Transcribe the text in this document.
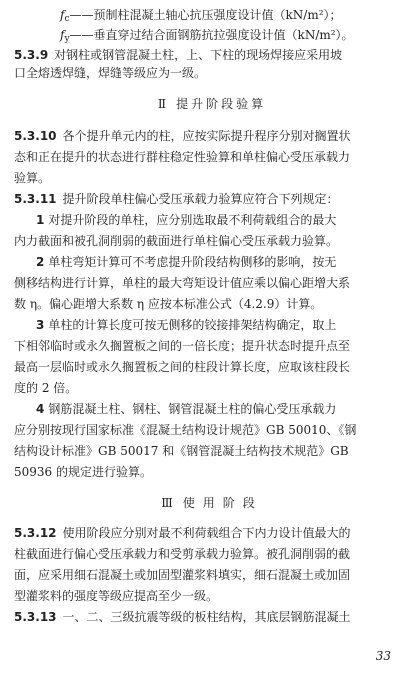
$f_c——$预制柱混凝土轴心抗压强度设计值（kN/m²）；
$f_y——$垂直穿过结合面钢筋抗拉强度设计值（kN/m²）。
5.3.9 对钢柱或钢管混凝土柱，上、下柱的现场焊接应采用坡
口全熔透焊缝，焊缝等级应为一级。
Ⅱ 提升阶段验算
5.3.10 各个提升单元内的柱，应按实际提升程序分别对搁置状
态和正在提升的状态进行群柱稳定性验算和单柱偏心受压承载力
验算。
5.3.11 提升阶段单柱偏心受压承载力验算应符合下列规定：
1 对提升阶段的单柱，应分别选取最不利荷载组合的最大
内力截面和被孔洞削弱的截面进行单柱偏心受压承载力验算。
2 单柱弯矩计算可不考虑提升阶段结构侧移的影响，按无
侧移结构进行计算，单柱的最大弯矩设计值应乘以偏心距增大系
数 η。偏心距增大系数 η 应按本标准公式（4.2.9）计算。
3 单柱的计算长度可按无侧移的铰接排架结构确定，取上
下相邻临时或永久搁置板之间的一倍长度；提升状态时提升点至
最高一层临时或永久搁置板之间的柱段计算长度，应取该柱段长
度的 2 倍。
4 钢筋混凝土柱、钢柱、钢管混凝土柱的偏心受压承载力
应分别按现行国家标准《混凝土结构设计规范》GB 50010、《钢
结构设计标准》GB 50017 和《钢管混凝土结构技术规范》GB
50936 的规定进行验算。
Ⅲ 使用阶段
5.3.12 使用阶段应分别对最不利荷载组合下内力设计值最大的
柱截面进行偏心受压承载力和受剪承载力验算。被孔洞削弱的截
面，应采用细石混凝土或加固型灌浆料填实，细石混凝土或加固
型灌浆料的强度等级应提高至少一级。
5.3.13 一、二、三级抗震等级的板柱结构，其底层钢筋混凝土
33
